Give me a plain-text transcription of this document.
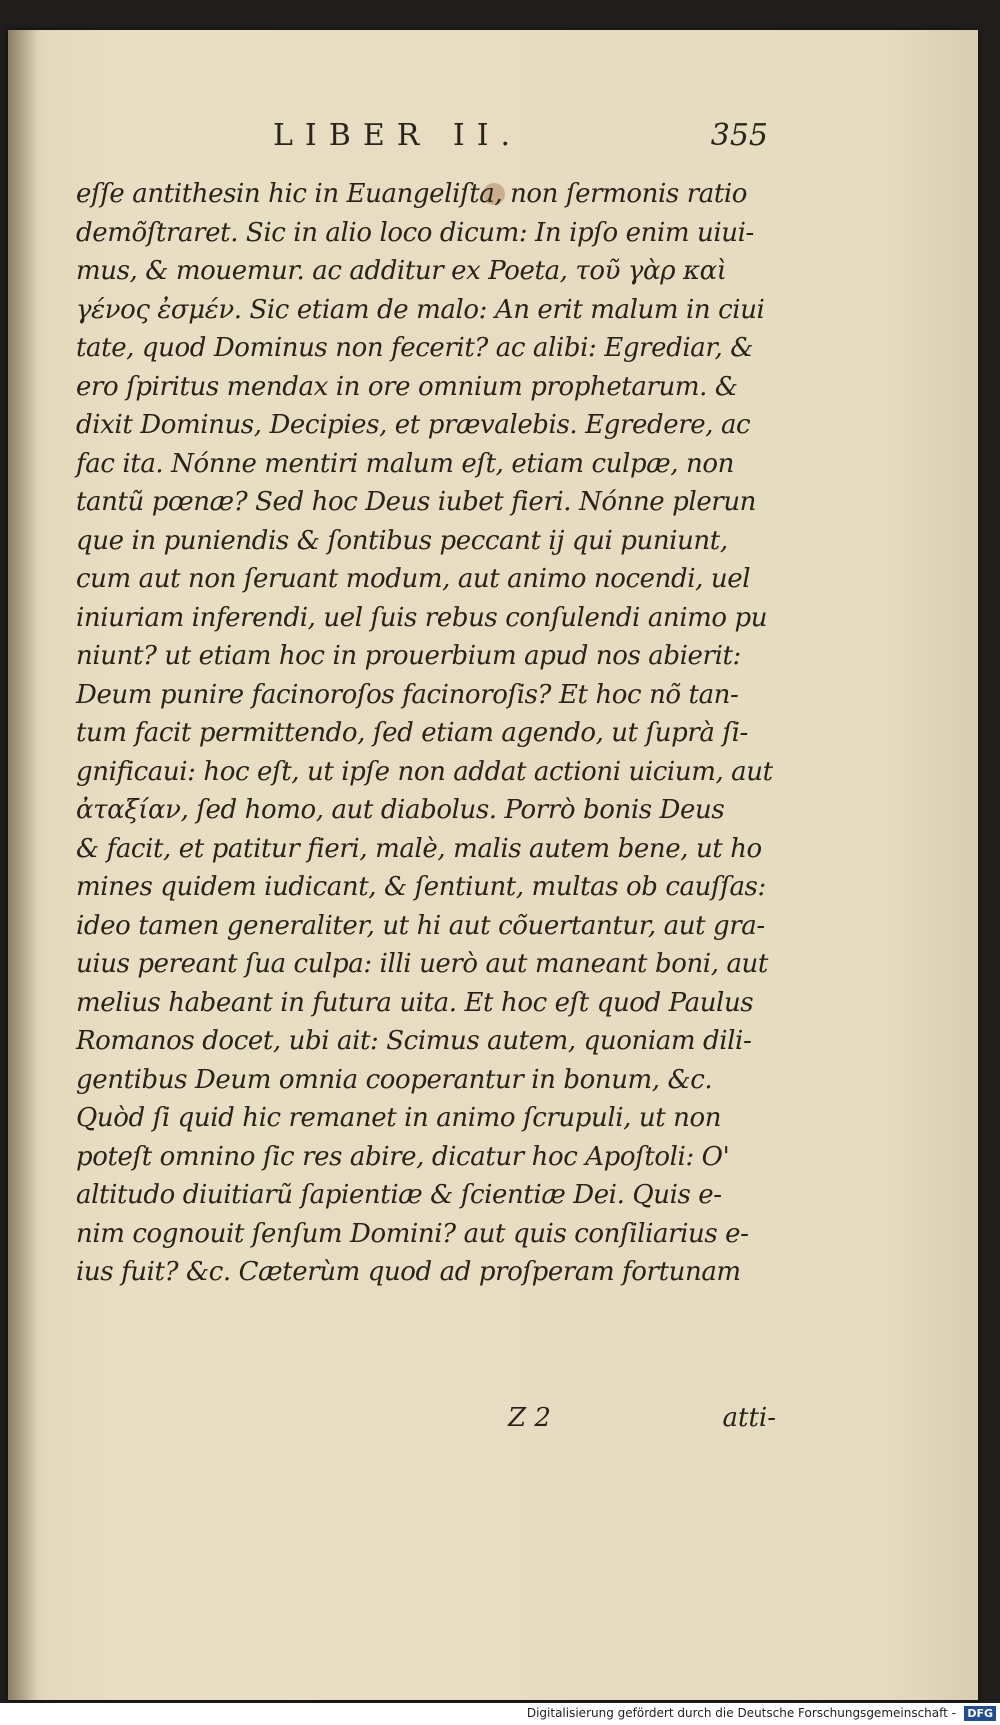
LIBER II.	355
eſſe antithesin hic in Euangeliſta, non ſermonis ratio
demõſtraret. Sic in alio loco dicum: In ipſo enim uiui-
mus, & mouemur. ac additur ex Poeta, τοῦ γὰρ καὶ
γένος ἐσμέν. Sic etiam de malo: An erit malum in ciui
tate, quod Dominus non fecerit? ac alibi: Egrediar, &
ero ſpiritus mendax in ore omnium prophetarum. &
dixit Dominus, Decipies, et prævalebis. Egredere, ac
fac ita. Nónne mentiri malum eſt, etiam culpæ, non
tantũ pœnæ? Sed hoc Deus iubet fieri. Nónne plerun
que in puniendis & ſontibus peccant ij qui puniunt,
cum aut non ſeruant modum, aut animo nocendi, uel
iniuriam inferendi, uel ſuis rebus conſulendi animo pu
niunt? ut etiam hoc in prouerbium apud nos abierit:
Deum punire facinoroſos facinoroſis? Et hoc nõ tan-
tum facit permittendo, ſed etiam agendo, ut ſuprà ſi-
gnificaui: hoc eſt, ut ipſe non addat actioni uicium, aut
ἀταξίαν, ſed homo, aut diabolus. Porrò bonis Deus
& facit, et patitur fieri, malè, malis autem bene, ut ho
mines quidem iudicant, & ſentiunt, multas ob cauſſas:
ideo tamen generaliter, ut hi aut cõuertantur, aut gra-
uius pereant ſua culpa: illi uerò aut maneant boni, aut
melius habeant in futura uita. Et hoc eſt quod Paulus
Romanos docet, ubi ait: Scimus autem, quoniam dili-
gentibus Deum omnia cooperantur in bonum, &c.
Quòd ſi quid hic remanet in animo ſcrupuli, ut non
poteſt omnino ſic res abire, dicatur hoc Apoſtoli: O'
altitudo diuitiarũ ſapientiæ & ſcientiæ Dei. Quis e-
nim cognouit ſenſum Domini? aut quis conſiliarius e-
ius fuit? &c. Cæterùm quod ad proſperam fortunam
Z 2	atti-
Digitalisierung gefördert durch die Deutsche Forschungsgemeinschaft - DFG
